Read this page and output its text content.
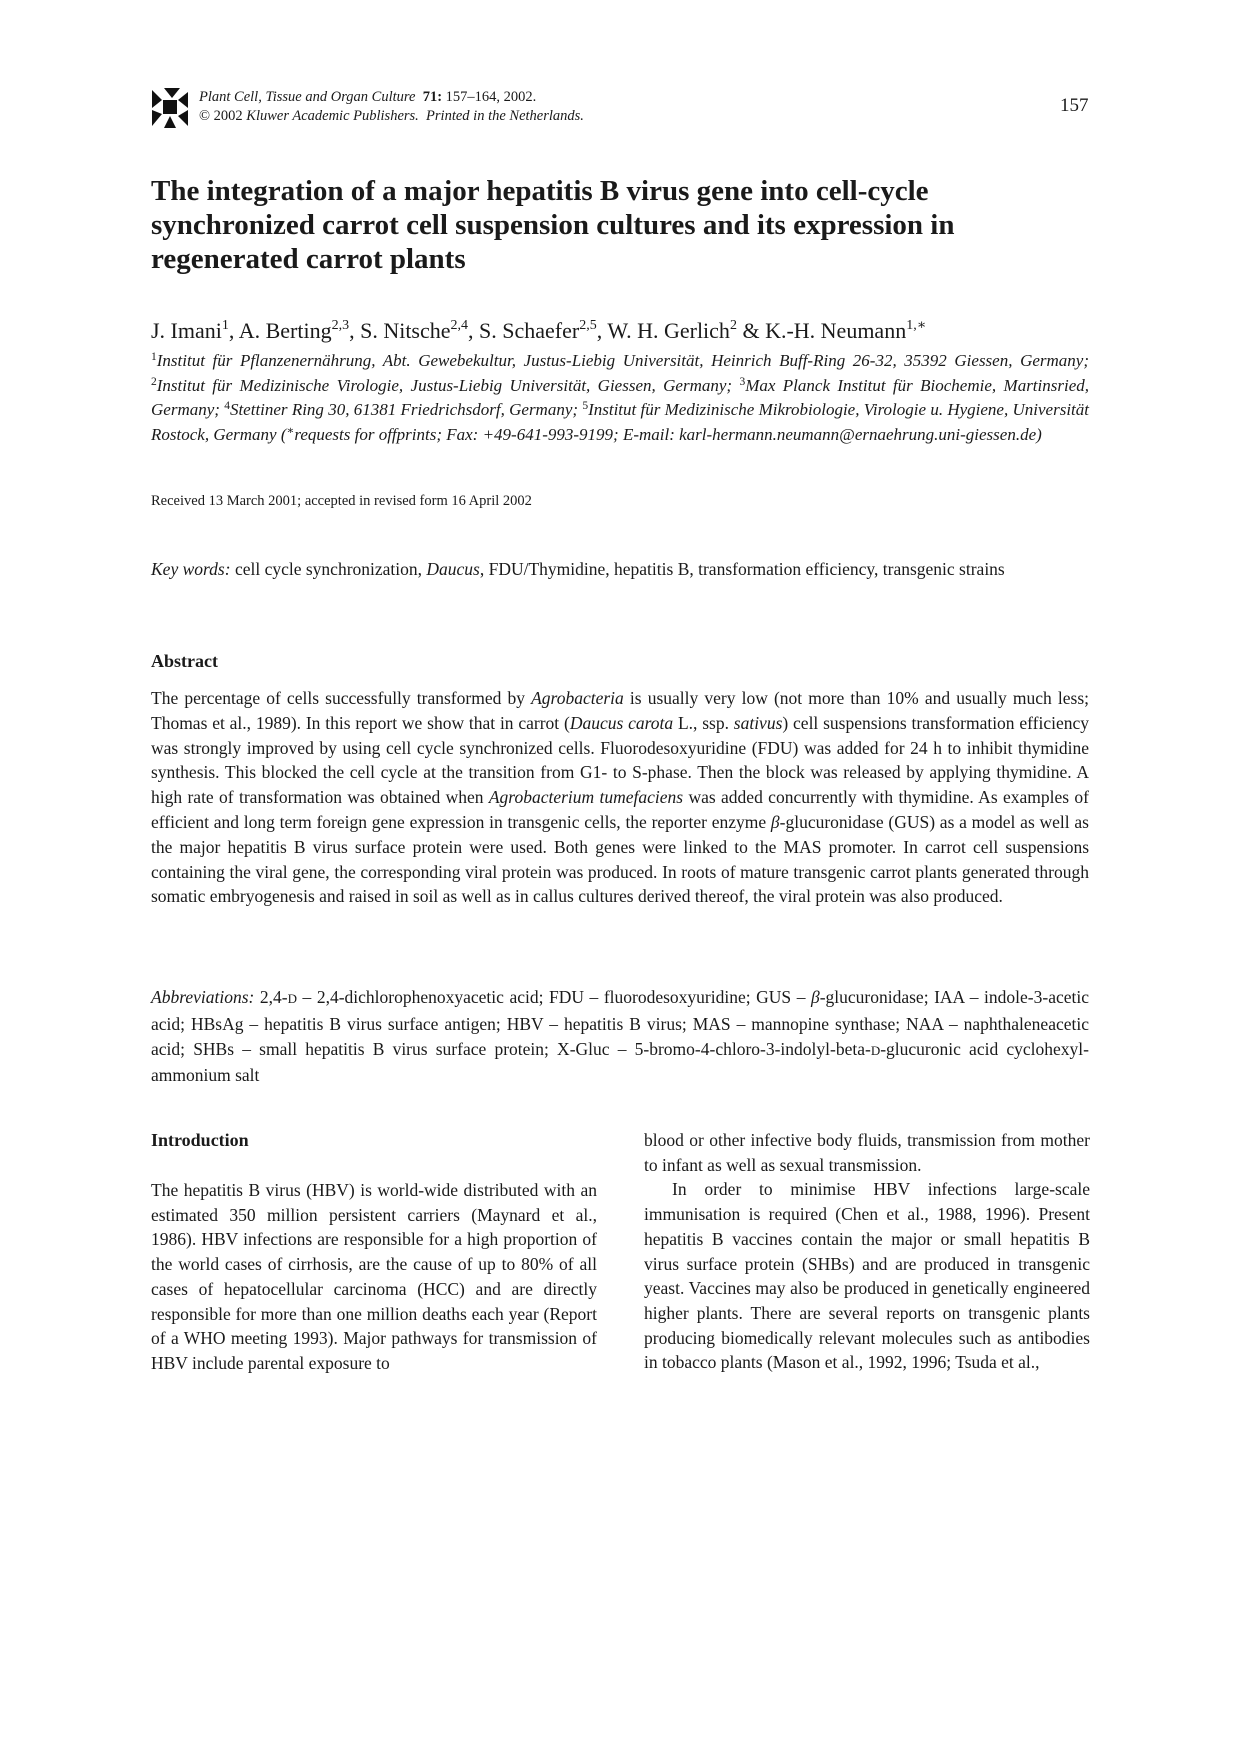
Plant Cell, Tissue and Organ Culture 71: 157–164, 2002.
© 2002 Kluwer Academic Publishers. Printed in the Netherlands.	157
The integration of a major hepatitis B virus gene into cell-cycle synchronized carrot cell suspension cultures and its expression in regenerated carrot plants
J. Imani$^1$, A. Berting$^{2,3}$, S. Nitsche$^{2,4}$, S. Schaefer$^{2,5}$, W. H. Gerlich$^2$ & K.-H. Neumann$^{1,∗}$
$^1$Institut für Pflanzenernährung, Abt. Gewebekultur, Justus-Liebig Universität, Heinrich Buff-Ring 26-32, 35392 Giessen, Germany; $^2$Institut für Medizinische Virologie, Justus-Liebig Universität, Giessen, Germany; $^3$Max Planck Institut für Biochemie, Martinsried, Germany; $^4$Stettiner Ring 30, 61381 Friedrichsdorf, Germany; $^5$Institut für Medizinische Mikrobiologie, Virologie u. Hygiene, Universität Rostock, Germany (∗requests for offprints; Fax: +49-641-993-9199; E-mail: karl-hermann.neumann@ernaehrung.uni-giessen.de)
Received 13 March 2001; accepted in revised form 16 April 2002
Key words: cell cycle synchronization, Daucus, FDU/Thymidine, hepatitis B, transformation efficiency, transgenic strains
Abstract

The percentage of cells successfully transformed by Agrobacteria is usually very low (not more than 10% and usually much less; Thomas et al., 1989). In this report we show that in carrot (Daucus carota L., ssp. sativus) cell suspensions transformation efficiency was strongly improved by using cell cycle synchronized cells. Fluorodesoxyuridine (FDU) was added for 24 h to inhibit thymidine synthesis. This blocked the cell cycle at the transition from G1- to S-phase. Then the block was released by applying thymidine. A high rate of transformation was obtained when Agrobacterium tumefaciens was added concurrently with thymidine. As examples of efficient and long term foreign gene expression in transgenic cells, the reporter enzyme β-glucuronidase (GUS) as a model as well as the major hepatitis B virus surface protein were used. Both genes were linked to the MAS promoter. In carrot cell suspensions containing the viral gene, the corresponding viral protein was produced. In roots of mature transgenic carrot plants generated through somatic embryogenesis and raised in soil as well as in callus cultures derived thereof, the viral protein was also produced.

Abbreviations: 2,4-D – 2,4-dichlorophenoxyacetic acid; FDU – fluorodesoxyuridine; GUS – β-glucuronidase; IAA – indole-3-acetic acid; HBsAg – hepatitis B virus surface antigen; HBV – hepatitis B virus; MAS – mannopine synthase; NAA – naphthaleneacetic acid; SHBs – small hepatitis B virus surface protein; X-Gluc – 5-bromo-4-chloro-3-indolyl-beta-D-glucuronic acid cyclohexyl-ammonium salt

Introduction

The hepatitis B virus (HBV) is world-wide distributed with an estimated 350 million persistent carriers (Maynard et al., 1986). HBV infections are responsible for a high proportion of the world cases of cirrhosis, are the cause of up to 80% of all cases of hepatocellular carcinoma (HCC) and are directly responsible for more than one million deaths each year (Report of a WHO meeting 1993). Major pathways for transmission of HBV include parental exposure to

blood or other infective body fluids, transmission from mother to infant as well as sexual transmission.

In order to minimise HBV infections large-scale immunisation is required (Chen et al., 1988, 1996). Present hepatitis B vaccines contain the major or small hepatitis B virus surface protein (SHBs) and are produced in transgenic yeast. Vaccines may also be produced in genetically engineered higher plants. There are several reports on transgenic plants producing biomedically relevant molecules such as antibodies in tobacco plants (Mason et al., 1992, 1996; Tsuda et al.,
